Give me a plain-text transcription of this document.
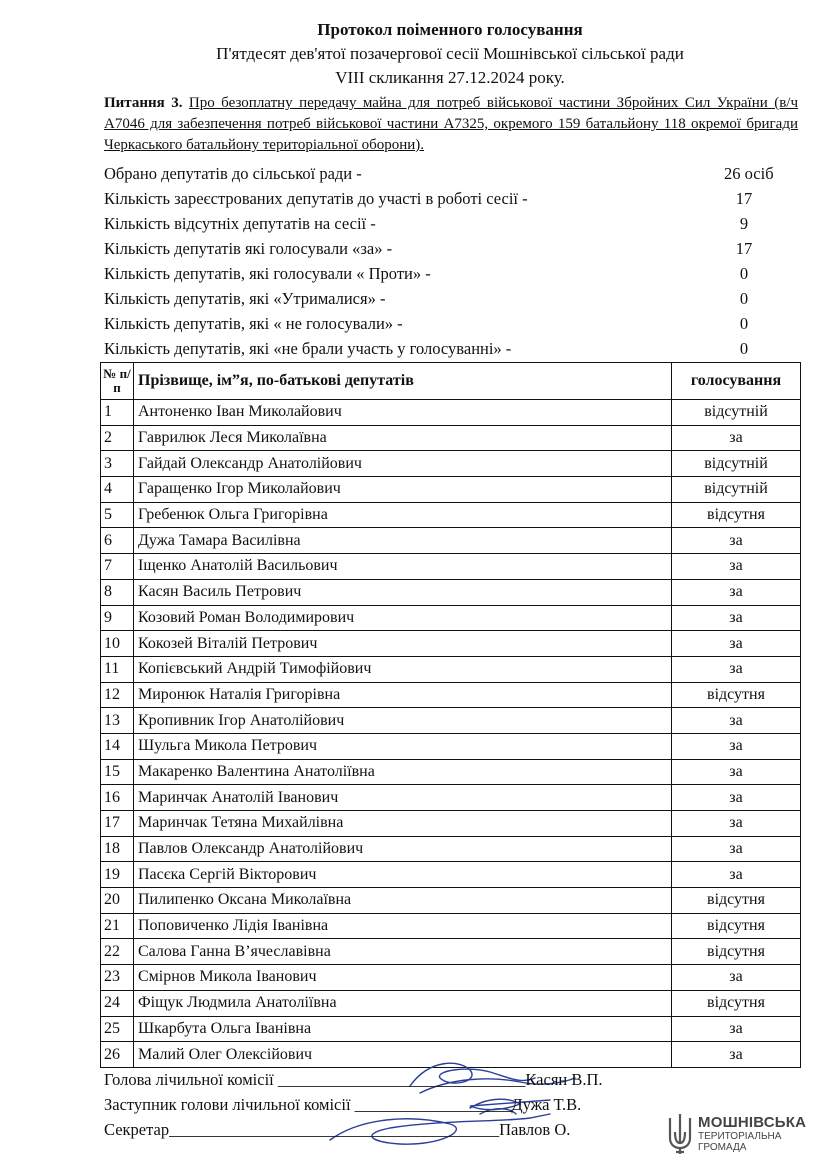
Протокол поіменного голосування
П'ятдесят дев'ятої позачергової сесії Мошнівської сільської ради
VIII скликання 27.12.2024 року.
Питання 3. Про безоплатну передачу майна для потреб військової частини Збройних Сил України (в/ч А7046 для забезпечення потреб військової частини А7325, окремого 159 батальйону 118 окремої бригади Черкаського батальйону територіальної оборони).
Обрано депутатів до сільської ради -	26 осіб
Кількість зареєстрованих депутатів до участі в роботі сесії -	17
Кількість відсутніх депутатів на сесії -	9
Кількість депутатів які голосували «за» -	17
Кількість депутатів, які голосували « Проти» -	0
Кількість депутатів, які «Утрималися» -	0
Кількість депутатів, які « не голосували» -	0
Кількість депутатів, які «не брали участь у голосуванні» -	0
№ п/п	Прізвище, ім”я, по-батькові депутатів	голосування
1	Антоненко Іван Миколайович	відсутній
2	Гаврилюк Леся Миколаївна	за
3	Гайдай Олександр Анатолійович	відсутній
4	Гаращенко Ігор Миколайович	відсутній
5	Гребенюк Ольга Григорівна	відсутня
6	Дужа Тамара Василівна	за
7	Іщенко Анатолій Васильович	за
8	Касян Василь Петрович	за
9	Козовий Роман Володимирович	за
10	Кокозей Віталій Петрович	за
11	Копієвський Андрій Тимофійович	за
12	Миронюк Наталія Григорівна	відсутня
13	Кропивник Ігор Анатолійович	за
14	Шульга Микола Петрович	за
15	Макаренко Валентина Анатоліївна	за
16	Маринчак Анатолій Іванович	за
17	Маринчак Тетяна Михайлівна	за
18	Павлов Олександр Анатолійович	за
19	Пасєка Сергій Вікторович	за
20	Пилипенко Оксана Миколаївна	відсутня
21	Поповиченко Лідія Іванівна	відсутня
22	Салова Ганна В’ячеславівна	відсутня
23	Смірнов Микола Іванович	за
24	Фіщук Людмила Анатоліївна	відсутня
25	Шкарбута Ольга Іванівна	за
26	Малий Олег Олексійович	за
Голова лічильної комісії ______________________________Касян В.П.
Заступник голови лічильної комісії ___________________Дужа Т.В.
Секретар________________________________________Павлов О.	МОШНІВСЬКА
ТЕРИТОРІАЛЬНА
ГРОМАДА
